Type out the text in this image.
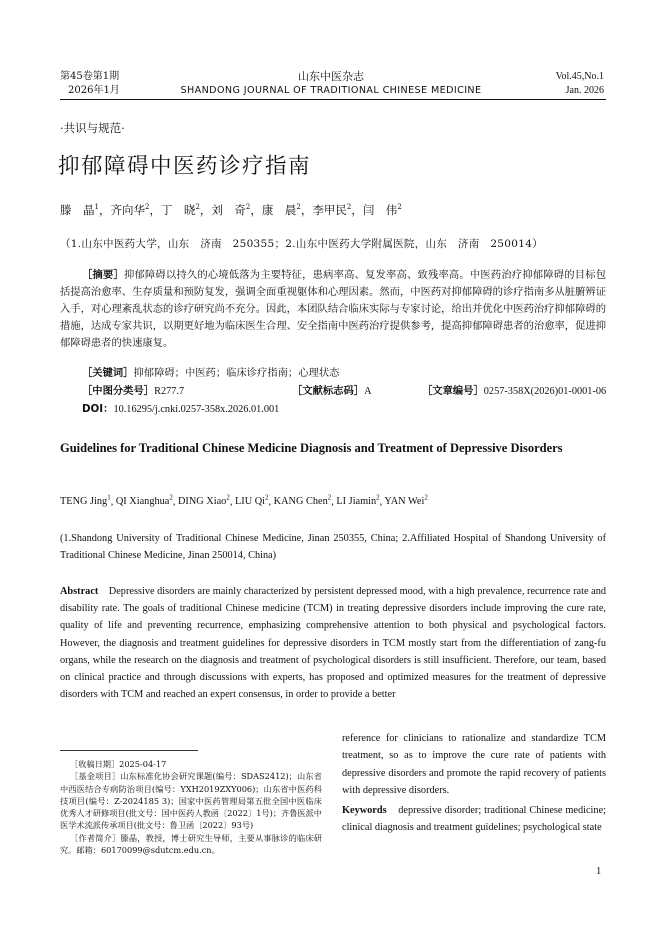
第45卷第1期
2026年1月
山东中医杂志
SHANDONG JOURNAL OF TRADITIONAL CHINESE MEDICINE
Vol.45,No.1
Jan. 2026
·共识与规范·
抑郁障碍中医药诊疗指南
滕　晶$^1$，齐向华$^2$，丁　晓$^2$，刘　奇$^2$，康　晨$^2$，李甲民$^2$，闫　伟$^2$
（1.山东中医药大学，山东　济南　250355；2.山东中医药大学附属医院，山东　济南　250014）
［摘要］抑郁障碍以持久的心境低落为主要特征，患病率高、复发率高、致残率高。中医药治疗抑郁障碍的目标包括提高治愈率、生存质量和预防复发，强调全面重视躯体和心理因素。然而，中医药对抑郁障碍的诊疗指南多从脏腑辨证入手，对心理紊乱状态的诊疗研究尚不充分。因此，本团队结合临床实际与专家讨论，给出并优化中医药治疗抑郁障碍的措施，达成专家共识，以期更好地为临床医生合理、安全指南中医药治疗提供参考，提高抑郁障碍患者的治愈率，促进抑郁障碍患者的快速康复。
［关键词］抑郁障碍；中医药；临床诊疗指南；心理状态
［中图分类号］R277.7	［文献标志码］A	［文章编号］0257-358X(2026)01-0001-06
DOI：10.16295/j.cnki.0257-358x.2026.01.001
Guidelines for Traditional Chinese Medicine Diagnosis and Treatment of Depressive Disorders
TENG Jing$^1$, QI Xianghua$^2$, DING Xiao$^2$, LIU Qi$^2$, KANG Chen$^2$, LI Jiamin$^2$, YAN Wei$^2$
(1.Shandong University of Traditional Chinese Medicine, Jinan 250355, China; 2.Affiliated Hospital of Shandong University of Traditional Chinese Medicine, Jinan 250014, China)
Abstract Depressive disorders are mainly characterized by persistent depressed mood, with a high prevalence, recurrence rate and disability rate. The goals of traditional Chinese medicine (TCM) in treating depressive disorders include improving the cure rate, quality of life and preventing recurrence, emphasizing comprehensive attention to both physical and psychological factors. However, the diagnosis and treatment guidelines for depressive disorders in TCM mostly start from the differentiation of zang-fu organs, while the research on the diagnosis and treatment of psychological disorders is still insufficient. Therefore, our team, based on clinical practice and through discussions with experts, has proposed and optimized measures for the treatment of depressive disorders with TCM and reached an expert consensus, in order to provide a better
reference for clinicians to rationalize and standardize TCM treatment, so as to improve the cure rate of patients with depressive disorders and promote the rapid recovery of patients with depressive disorders.
Keywords depressive disorder; traditional Chinese medicine; clinical diagnosis and treatment guidelines; psychological state
［收稿日期］2025-04-17
［基金项目］山东标准化协会研究课题(编号：SDAS2412)；山东省中西医结合专病防治项目(编号：YXH2019ZXY006)；山东省中医药科技项目(编号：Z-2024185 3)；国家中医药管理局第五批全国中医临床优秀人才研修项目(批文号：国中医药人教函〔2022〕1号)；齐鲁医派中医学术流派传承项目(批文号：鲁卫函〔2022〕93号)
［作者简介］滕晶，教授，博士研究生导师，主要从事脉诊的临床研究。邮箱：60170099@sdutcm.edu.cn。
1
